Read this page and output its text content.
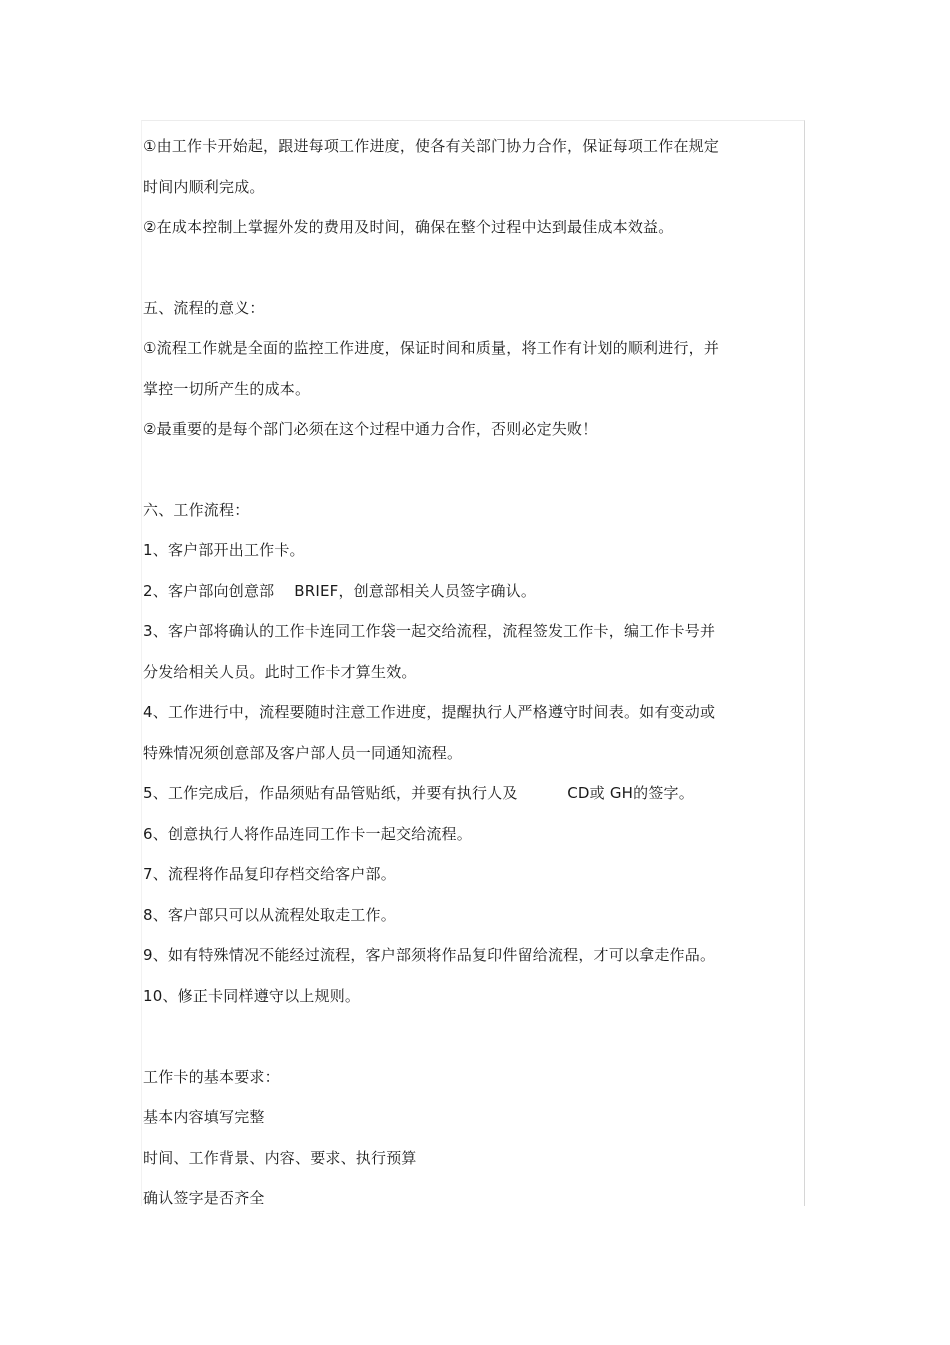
①由工作卡开始起，跟进每项工作进度，使各有关部门协力合作，保证每项工作在规定
时间内顺利完成。
②在成本控制上掌握外发的费用及时间，确保在整个过程中达到最佳成本效益。
五、流程的意义：
①流程工作就是全面的监控工作进度，保证时间和质量，将工作有计划的顺利进行，并
掌控一切所产生的成本。
②最重要的是每个部门必须在这个过程中通力合作，否则必定失败！
六、工作流程：
1、客户部开出工作卡。
2、客户部向创意部    BRIEF，创意部相关人员签字确认。
3、客户部将确认的工作卡连同工作袋一起交给流程，流程签发工作卡，编工作卡号并
分发给相关人员。此时工作卡才算生效。
4、工作进行中，流程要随时注意工作进度，提醒执行人严格遵守时间表。如有变动或
特殊情况须创意部及客户部人员一同通知流程。
5、工作完成后，作品须贴有品管贴纸，并要有执行人及          CD或 GH的签字。
6、创意执行人将作品连同工作卡一起交给流程。
7、流程将作品复印存档交给客户部。
8、客户部只可以从流程处取走工作。
9、如有特殊情况不能经过流程，客户部须将作品复印件留给流程，才可以拿走作品。
10、修正卡同样遵守以上规则。
工作卡的基本要求：
基本内容填写完整
时间、工作背景、内容、要求、执行预算
确认签字是否齐全
